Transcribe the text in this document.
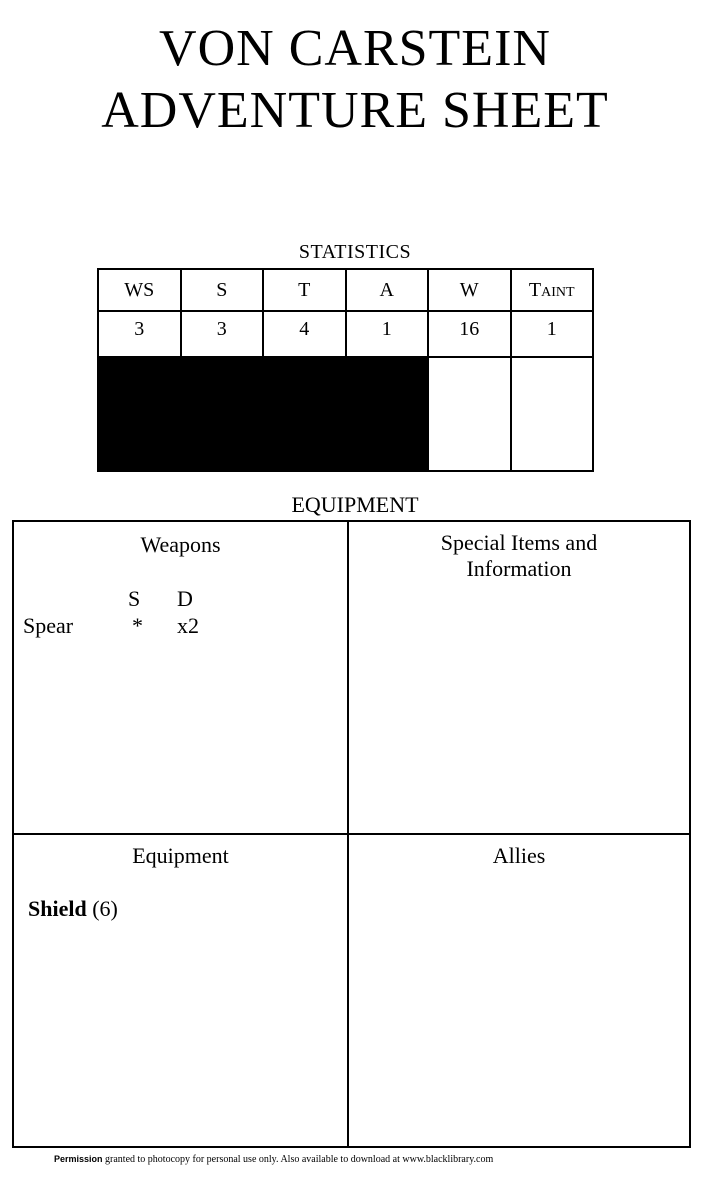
VON CARSTEIN
ADVENTURE SHEET
STATISTICS
WS	S	T	A	W	Taint
3	3	4	1	16	1

EQUIPMENT
Weapons
S D
Spear	* x2
Special Items and
Information
Equipment
Shield (6)
Allies
Permission granted to photocopy for personal use only. Also available to download at www.blacklibrary.com
